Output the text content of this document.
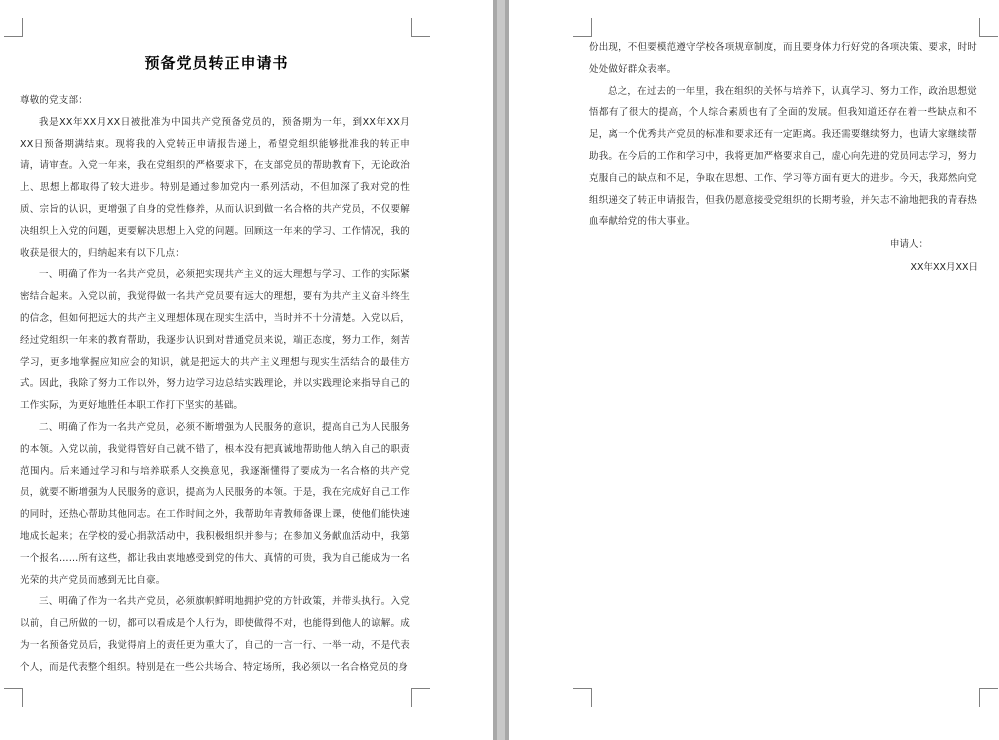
预备党员转正申请书

尊敬的党支部：

我是XX年XX月XX日被批准为中国共产党预备党员的，预备期为一年，到XX年XX月XX日预备期满结束。现将我的入党转正申请报告递上，希望党组织能够批准我的转正申请，请审查。入党一年来，我在党组织的严格要求下，在支部党员的帮助教育下，无论政治上、思想上都取得了较大进步。特别是通过参加党内一系列活动，不但加深了我对党的性质、宗旨的认识，更增强了自身的党性修养，从而认识到做一名合格的共产党员，不仅要解决组织上入党的问题，更要解决思想上入党的问题。回顾这一年来的学习、工作情况，我的收获是很大的，归纳起来有以下几点：

一、明确了作为一名共产党员，必须把实现共产主义的远大理想与学习、工作的实际紧密结合起来。入党以前，我觉得做一名共产党员要有远大的理想，要有为共产主义奋斗终生的信念，但如何把远大的共产主义理想体现在现实生活中，当时并不十分清楚。入党以后，经过党组织一年来的教育帮助，我逐步认识到对普通党员来说，端正态度，努力工作，刻苦学习，更多地掌握应知应会的知识，就是把远大的共产主义理想与现实生活结合的最佳方式。因此，我除了努力工作以外，努力边学习边总结实践理论，并以实践理论来指导自己的工作实际，为更好地胜任本职工作打下坚实的基础。

二、明确了作为一名共产党员，必须不断增强为人民服务的意识，提高自己为人民服务的本领。入党以前，我觉得管好自己就不错了，根本没有把真诚地帮助他人纳入自己的职责范围内。后来通过学习和与培养联系人交换意见，我逐渐懂得了要成为一名合格的共产党员，就要不断增强为人民服务的意识，提高为人民服务的本领。于是，我在完成好自己工作的同时，还热心帮助其他同志。在工作时间之外，我帮助年青教师备课上课，使他们能快速地成长起来；在学校的爱心捐款活动中，我积极组织并参与；在参加义务献血活动中，我第一个报名……所有这些，都让我由衷地感受到党的伟大、真情的可贵，我为自己能成为一名光荣的共产党员而感到无比自豪。

三、明确了作为一名共产党员，必须旗帜鲜明地拥护党的方针政策，并带头执行。入党以前，自己所做的一切，都可以看成是个人行为，即使做得不对，也能得到他人的谅解。成为一名预备党员后，我觉得肩上的责任更为重大了，自己的一言一行、一举一动，不是代表个人，而是代表整个组织。特别是在一些公共场合、特定场所，我必须以一名合格党员的身

份出现，不但要模范遵守学校各项规章制度，而且要身体力行好党的各项决策、要求，时时处处做好群众表率。

总之，在过去的一年里，我在组织的关怀与培养下，认真学习、努力工作，政治思想觉悟都有了很大的提高，个人综合素质也有了全面的发展。但我知道还存在着一些缺点和不足，离一个优秀共产党员的标准和要求还有一定距离。我还需要继续努力，也请大家继续帮助我。在今后的工作和学习中，我将更加严格要求自己，虚心向先进的党员同志学习，努力克服自己的缺点和不足，争取在思想、工作、学习等方面有更大的进步。今天，我郑然向党组织递交了转正申请报告，但我仍愿意接受党组织的长期考验，并矢志不渝地把我的青春热血奉献给党的伟大事业。

申请人：
XX年XX月XX日
